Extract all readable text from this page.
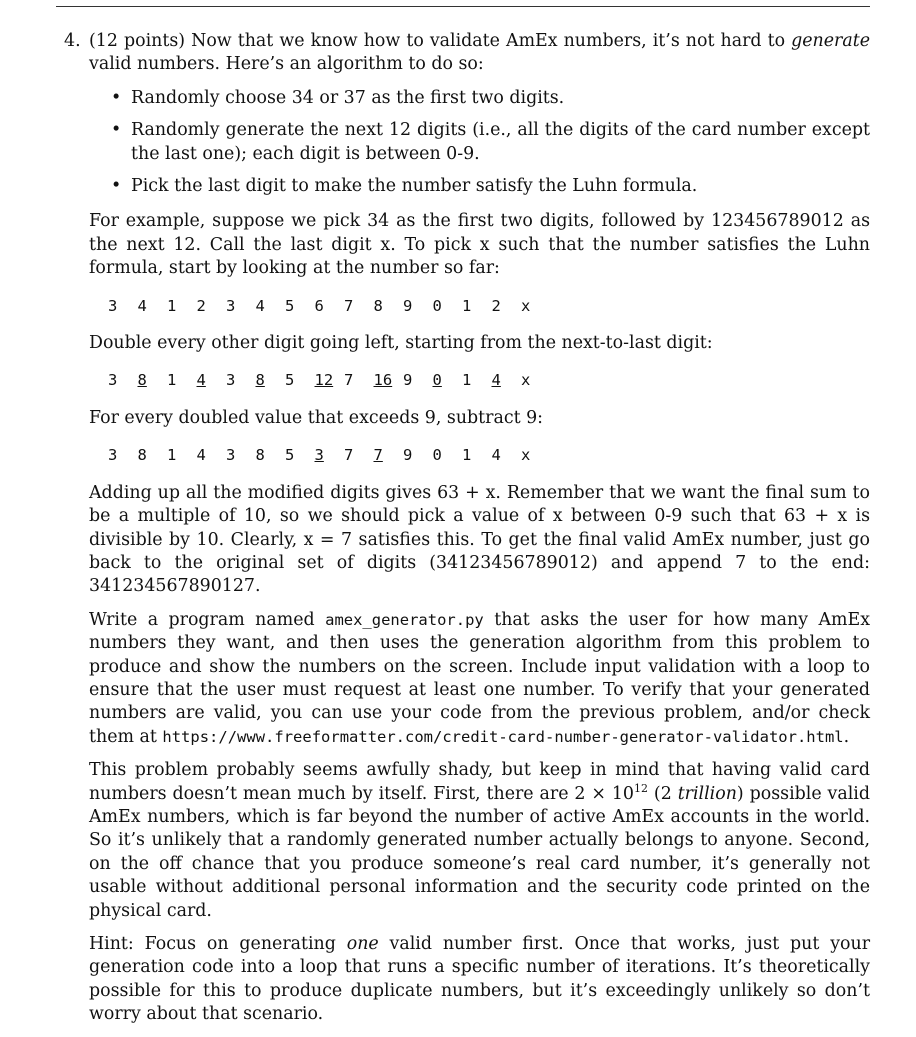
4. (12 points) Now that we know how to validate AmEx numbers, it’s not hard to generate valid numbers. Here’s an algorithm to do so:

• Randomly choose 34 or 37 as the first two digits.
• Randomly generate the next 12 digits (i.e., all the digits of the card number except the last one); each digit is between 0-9.
• Pick the last digit to make the number satisfy the Luhn formula.

For example, suppose we pick 34 as the first two digits, followed by 123456789012 as the next 12. Call the last digit x. To pick x such that the number satisfies the Luhn formula, start by looking at the number so far:

3	4	1	2	3	4	5	6	7	8	9	0	1	2	x

Double every other digit going left, starting from the next-to-last digit:

3	8	1	4	3	8	5	12 7	16 9	0	1	4	x

For every doubled value that exceeds 9, subtract 9:

3	8	1	4	3	8	5	3	7	7	9	0	1	4	x

Adding up all the modified digits gives 63 + x. Remember that we want the final sum to be a multiple of 10, so we should pick a value of x between 0-9 such that 63 + x is divisible by 10. Clearly, x = 7 satisfies this. To get the final valid AmEx number, just go back to the original set of digits (34123456789012) and append 7 to the end: 341234567890127.

Write a program named amex_generator.py that asks the user for how many AmEx numbers they want, and then uses the generation algorithm from this problem to produce and show the numbers on the screen. Include input validation with a loop to ensure that the user must request at least one number. To verify that your generated numbers are valid, you can use your code from the previous problem, and/or check them at https://www.freeformatter.com/credit-card-number-generator-validator.html.

This problem probably seems awfully shady, but keep in mind that having valid card numbers doesn’t mean much by itself. First, there are $2 \times 10^{12}$ (2 trillion) possible valid AmEx numbers, which is far beyond the number of active AmEx accounts in the world. So it’s unlikely that a randomly generated number actually belongs to anyone. Second, on the off chance that you produce someone’s real card number, it’s generally not usable without additional personal information and the security code printed on the physical card.

Hint: Focus on generating one valid number first. Once that works, just put your generation code into a loop that runs a specific number of iterations. It’s theoretically possible for this to produce duplicate numbers, but it’s exceedingly unlikely so don’t worry about that scenario.
